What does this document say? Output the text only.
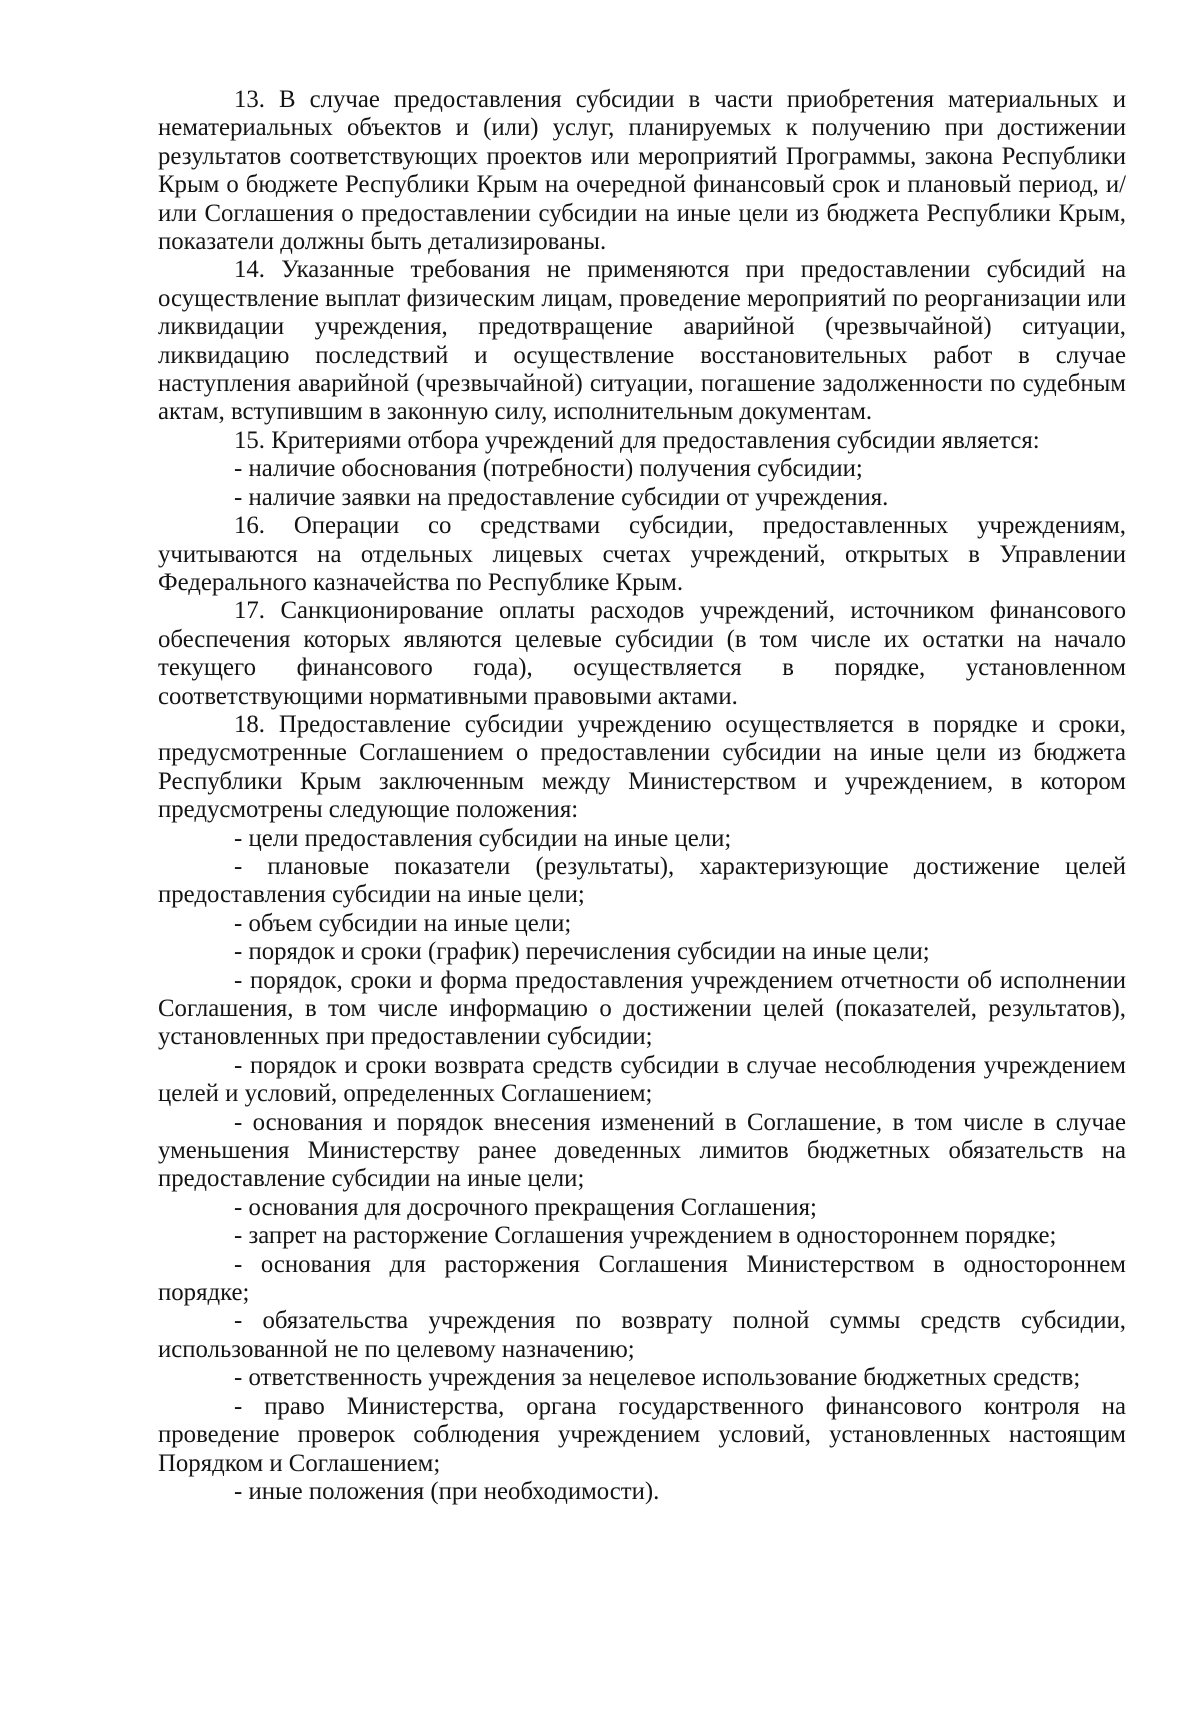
13. В случае предоставления субсидии в части приобретения материальных и нематериальных объектов и (или) услуг, планируемых к получению при достижении результатов соответствующих проектов или мероприятий Программы, закона Республики Крым о бюджете Республики Крым на очередной финансовый срок и плановый период, и/или Соглашения о предоставлении субсидии на иные цели из бюджета Республики Крым, показатели должны быть детализированы.

14. Указанные требования не применяются при предоставлении субсидий на осуществление выплат физическим лицам, проведение мероприятий по реорганизации или ликвидации учреждения, предотвращение аварийной (чрезвычайной) ситуации, ликвидацию последствий и осуществление восстановительных работ в случае наступления аварийной (чрезвычайной) ситуации, погашение задолженности по судебным актам, вступившим в законную силу, исполнительным документам.

15. Критериями отбора учреждений для предоставления субсидии является:

- наличие обоснования (потребности) получения субсидии;

- наличие заявки на предоставление субсидии от учреждения.

16. Операции со средствами субсидии, предоставленных учреждениям, учитываются на отдельных лицевых счетах учреждений, открытых в Управлении Федерального казначейства по Республике Крым.

17. Санкционирование оплаты расходов учреждений, источником финансового обеспечения которых являются целевые субсидии (в том числе их остатки на начало текущего финансового года), осуществляется в порядке, установленном соответствующими нормативными правовыми актами.

18. Предоставление субсидии учреждению осуществляется в порядке и сроки, предусмотренные Соглашением о предоставлении субсидии на иные цели из бюджета Республики Крым заключенным между Министерством и учреждением, в котором предусмотрены следующие положения:

- цели предоставления субсидии на иные цели;

- плановые показатели (результаты), характеризующие достижение целей предоставления субсидии на иные цели;

- объем субсидии на иные цели;

- порядок и сроки (график) перечисления субсидии на иные цели;

- порядок, сроки и форма предоставления учреждением отчетности об исполнении Соглашения, в том числе информацию о достижении целей (показателей, результатов), установленных при предоставлении субсидии;

- порядок и сроки возврата средств субсидии в случае несоблюдения учреждением целей и условий, определенных Соглашением;

- основания и порядок внесения изменений в Соглашение, в том числе в случае уменьшения Министерству ранее доведенных лимитов бюджетных обязательств на предоставление субсидии на иные цели;

- основания для досрочного прекращения Соглашения;

- запрет на расторжение Соглашения учреждением в одностороннем порядке;

- основания для расторжения Соглашения Министерством в одностороннем порядке;

- обязательства учреждения по возврату полной суммы средств субсидии, использованной не по целевому назначению;

- ответственность учреждения за нецелевое использование бюджетных средств;

- право Министерства, органа государственного финансового контроля на проведение проверок соблюдения учреждением условий, установленных настоящим Порядком и Соглашением;

- иные положения (при необходимости).
